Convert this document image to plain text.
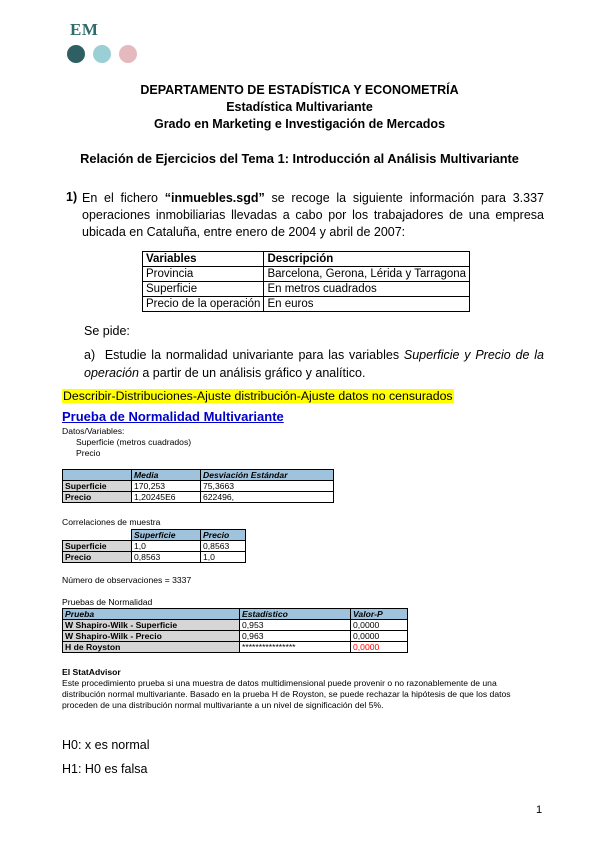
EM
DEPARTAMENTO DE ESTADÍSTICA Y ECONOMETRÍA
Estadística Multivariante
Grado en Marketing e Investigación de Mercados
Relación de Ejercicios del Tema 1: Introducción al Análisis Multivariante
1) En el fichero “inmuebles.sgd” se recoge la siguiente información para 3.337 operaciones inmobiliarias llevadas a cabo por los trabajadores de una empresa ubicada en Cataluña, entre enero de 2004 y abril de 2007:
Variables	Descripción
Provincia	Barcelona, Gerona, Lérida y Tarragona
Superficie	En metros cuadrados
Precio de la operación	En euros
Se pide:
a) Estudie la normalidad univariante para las variables Superficie y Precio de la operación a partir de un análisis gráfico y analítico.
Describir-Distribuciones-Ajuste distribución-Ajuste datos no censurados
Prueba de Normalidad Multivariante
Datos/Variables:
Superficie (metros cuadrados)
Precio
	Media	Desviación Estándar
Superficie	170,253	75,3663
Precio	1,20245E6	622496,
Correlaciones de muestra
	Superficie	Precio
Superficie	1,0	0,8563
Precio	0,8563	1,0
Número de observaciones = 3337
Pruebas de Normalidad
Prueba	Estadístico	Valor-P
W Shapiro-Wilk - Superficie	0,953	0,0000
W Shapiro-Wilk - Precio	0,963	0,0000
H de Royston	****************	0,0000
El StatAdvisor
Este procedimiento prueba si una muestra de datos multidimensional puede provenir o no razonablemente de una distribución normal multivariante. Basado en la prueba H de Royston, se puede rechazar la hipótesis de que los datos proceden de una distribución normal multivariante a un nivel de significación del 5%.
H0: x es normal
H1: H0 es falsa
1
